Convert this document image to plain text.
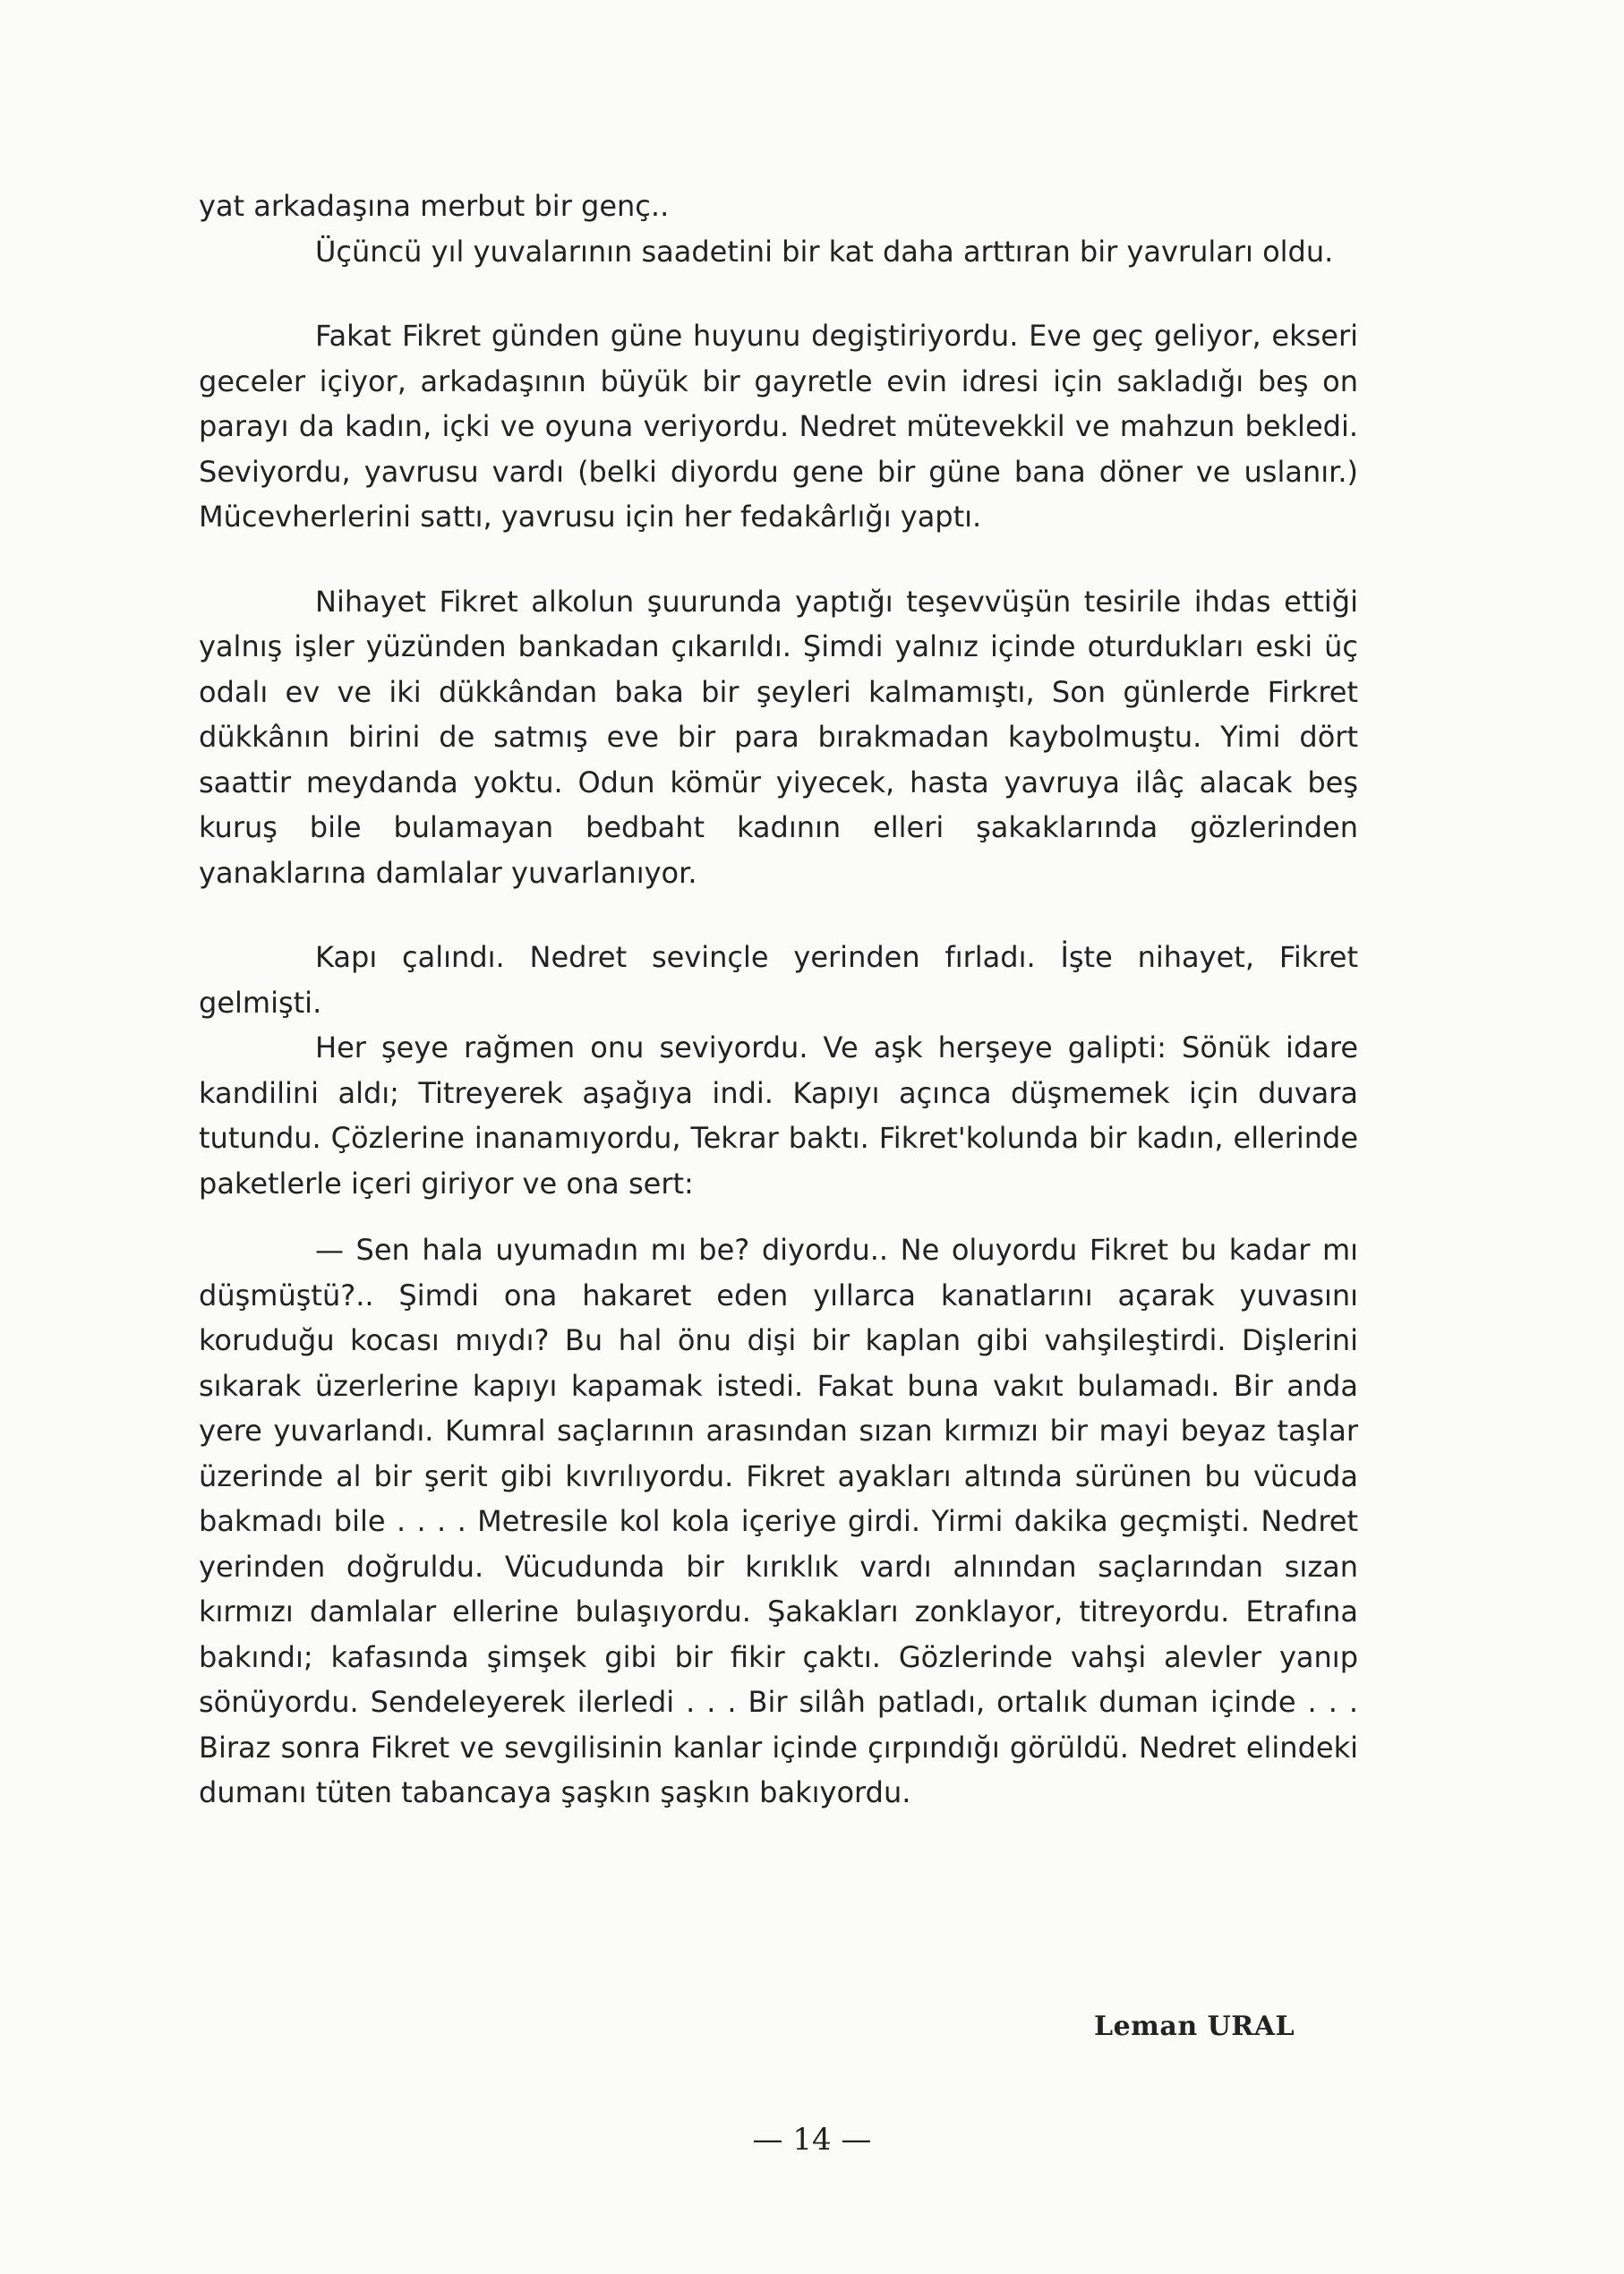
yat arkadaşına merbut bir genç..

Üçüncü yıl yuvalarının saadetini bir kat daha arttıran bir yavruları oldu.

Fakat Fikret günden güne huyunu degiştiriyordu. Eve geç geliyor, ekseri geceler içiyor, arkadaşının büyük bir gayretle evin idresi için sakladığı beş on parayı da kadın, içki ve oyuna veriyordu. Nedret mütevekkil ve mahzun bekledi. Seviyordu, yavrusu vardı (belki diyordu gene bir güne bana döner ve uslanır.) Mücevherlerini sattı, yavrusu için her fedakârlığı yaptı.

Nihayet Fikret alkolun şuurunda yaptığı teşevvüşün tesirile ihdas ettiği yalnış işler yüzünden bankadan çıkarıldı. Şimdi yalnız içinde oturdukları eski üç odalı ev ve iki dükkândan baka bir şeyleri kalmamıştı, Son günlerde Firkret dükkânın birini de satmış eve bir para bırakmadan kaybolmuştu. Yimi dört saattir meydanda yoktu. Odun kömür yiyecek, hasta yavruya ilâç alacak beş kuruş bile bulamayan bedbaht kadının elleri şakaklarında gözlerinden yanaklarına damlalar yuvarlanıyor.

Kapı çalındı. Nedret sevinçle yerinden fırladı. İşte nihayet, Fikret gelmişti.

Her şeye rağmen onu seviyordu. Ve aşk herşeye galipti: Sönük idare kandilini aldı; Titreyerek aşağıya indi. Kapıyı açınca düşmemek için duvara tutundu. Çözlerine inanamıyordu, Tekrar baktı. Fikret'kolunda bir kadın, ellerinde paketlerle içeri giriyor ve ona sert:

— Sen hala uyumadın mı be? diyordu.. Ne oluyordu Fikret bu kadar mı düşmüştü?.. Şimdi ona hakaret eden yıllarca kanatlarını açarak yuvasını koruduğu kocası mıydı? Bu hal önu dişi bir kaplan gibi vahşileştirdi. Dişlerini sıkarak üzerlerine kapıyı kapamak istedi. Fakat buna vakıt bulamadı. Bir anda yere yuvarlandı. Kumral saçlarının arasından sızan kırmızı bir mayi beyaz taşlar üzerinde al bir şerit gibi kıvrılıyordu. Fikret ayakları altında sürünen bu vücuda bakmadı bile . . . . Metresile kol kola içeriye girdi. Yirmi dakika geçmişti. Nedret yerinden doğruldu. Vücudunda bir kırıklık vardı alnından saçlarından sızan kırmızı damlalar ellerine bulaşıyordu. Şakakları zonklayor, titreyordu. Etrafına bakındı; kafasında şimşek gibi bir fikir çaktı. Gözlerinde vahşi alevler yanıp sönüyordu. Sendeleyerek ilerledi . . . Bir silâh patladı, ortalık duman içinde . . . Biraz sonra Fikret ve sevgilisinin kanlar içinde çırpındığı görüldü. Nedret elindeki dumanı tüten tabancaya şaşkın şaşkın bakıyordu.

Leman URAL
— 14 —
